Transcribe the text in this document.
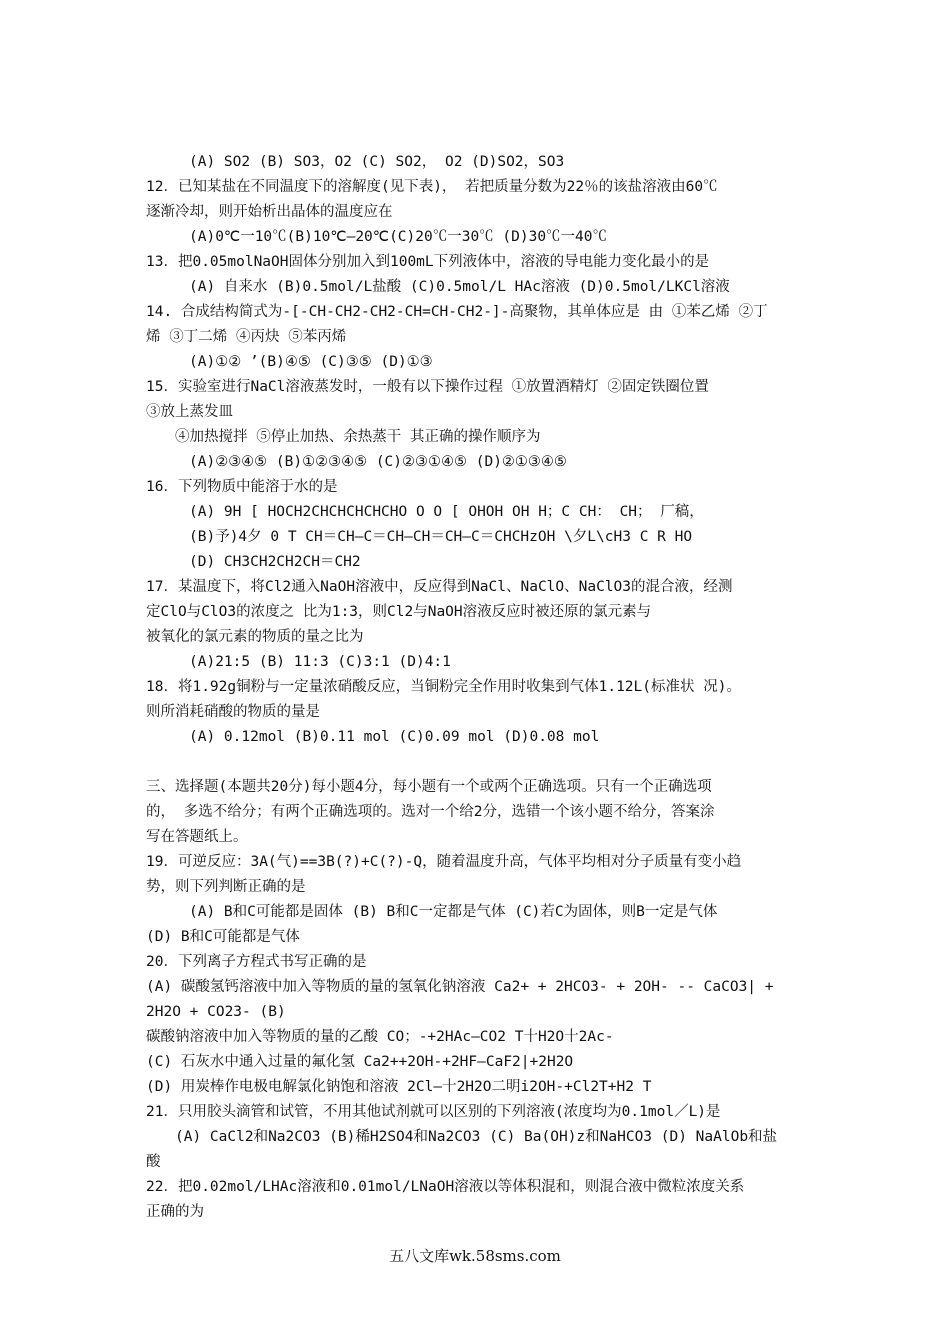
(A) SO2 (B) SO3，O2 (C) SO2， O2 (D)SO2，SO3
12．已知某盐在不同温度下的溶解度(见下表)， 若把质量分数为22％的该盐溶液由60℃
逐渐冷却，则开始析出晶体的温度应在
(A)0℃一10℃(B)10℃—20℃(C)20℃一30℃ (D)30℃一40℃
13．把0.05molNaOH固体分别加入到100mL下列液体中，溶液的导电能力变化最小的是
(A) 自来水 (B)0.5mol/L盐酸 (C)0.5mol/L HAc溶液 (D)0.5mol/LKCl溶液
14. 合成结构简式为-[-CH-CH2-CH2-CH=CH-CH2-]-高聚物，其单体应是 由 ①苯乙烯 ②丁
烯 ③丁二烯 ④丙炔 ⑤苯丙烯
(A)①② ’(B)④⑤ (C)③⑤ (D)①③
15．实验室进行NaCl溶液蒸发时，一般有以下操作过程 ①放置酒精灯 ②固定铁圈位置
③放上蒸发皿
④加热搅拌 ⑤停止加热、余热蒸干 其正确的操作顺序为
(A)②③④⑤ (B)①②③④⑤ (C)②③①④⑤ (D)②①③④⑤
16．下列物质中能溶于水的是
(A) 9H [ HOCH2CHCHCHCHCHO O O [ OHOH OH H；C CH： CH； 厂稿，
(B)予)4夕 0 T CH＝CH—C＝CH—CH＝CH—C＝CHCHzOH \夕L\cH3 C R HO
(D) CH3CH2CH2CH＝CH2
17．某温度下，将Cl2通入NaOH溶液中，反应得到NaCl、NaClO、NaClO3的混合液，经测
定ClO与ClO3的浓度之 比为1:3，则Cl2与NaOH溶液反应时被还原的氯元素与
被氧化的氯元素的物质的量之比为
(A)21:5 (B) 11:3 (C)3:1 (D)4:1
18．将1.92g铜粉与一定量浓硝酸反应，当铜粉完全作用时收集到气体1.12L(标准状 况)。
则所消耗硝酸的物质的量是
(A) 0.12mol (B)0.11 mol (C)0.09 mol (D)0.08 mol
三、选择题(本题共20分)每小题4分，每小题有一个或两个正确选项。只有一个正确选项
的， 多选不给分；有两个正确选项的。选对一个给2分，选错一个该小题不给分，答案涂
写在答题纸上。
19．可逆反应：3A(气)==3B(?)+C(?)-Q，随着温度升高，气体平均相对分子质量有变小趋
势，则下列判断正确的是
(A) B和C可能都是固体 (B) B和C一定都是气体 (C)若C为固体，则B一定是气体
(D) B和C可能都是气体
20．下列离子方程式书写正确的是
(A) 碳酸氢钙溶液中加入等物质的量的氢氧化钠溶液 Ca2+ + 2HCO3- + 2OH- -- CaCO3| +
2H2O + CO23- (B)
碳酸钠溶液中加入等物质的量的乙酸 CO；-+2HAc—CO2 T十H2O十2Ac-
(C) 石灰水中通入过量的氟化氢 Ca2++2OH-+2HF—CaF2|+2H2O
(D) 用炭棒作电极电解氯化钠饱和溶液 2Cl—十2H2O二明i2OH-+Cl2T+H2 T
21．只用胶头滴管和试管，不用其他试剂就可以区别的下列溶液(浓度均为0.1mol／L)是
(A) CaCl2和Na2CO3 (B)稀H2SO4和Na2CO3 (C) Ba(OH)z和NaHCO3 (D) NaAlOb和盐
酸
22．把0.02mol/LHAc溶液和0.01mol/LNaOH溶液以等体积混和，则混合液中微粒浓度关系
正确的为
五八文库wk.58sms.com
